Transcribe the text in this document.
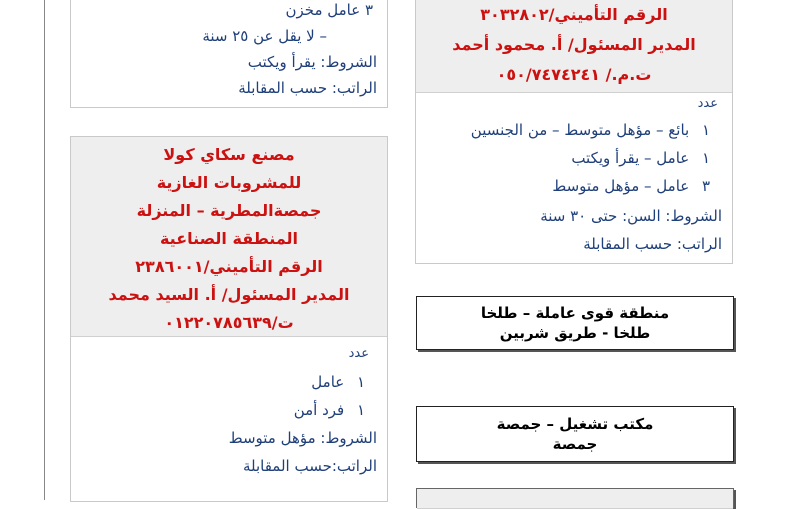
٣ عامل مخزن
– لا يقل عن ٢٥ سنة
الشروط: يقرأ ويكتب
الراتب: حسب المقابلة
الرقم التأميني/٣٠٣٢٨٠٢
المدير المسئول/ أ. محمود أحمد
ت.م./ ٠٥٠/٧٤٧٤٢٤١
عدد
١ بائع – مؤهل متوسط – من الجنسين
١ عامل – يقرأ ويكتب
٣ عامل – مؤهل متوسط
الشروط: السن: حتى ٣٠ سنة
الراتب: حسب المقابلة
مصنع سكاي كولا
للمشروبات الغازية
جمصةالمطرية – المنزلة
المنطقة الصناعية
الرقم التأميني/٢٣٨٦٠٠١
المدير المسئول/ أ. السيد محمد
ت/٠١٢٢٠٧٨٥٦٣٩
عدد
١ عامل
١ فرد أمن
الشروط: مؤهل متوسط
الراتب:حسب المقابلة
منطقة قوى عاملة – طلخا
طلخا - طريق شربين
مكتب تشغيل – جمصة
جمصة
